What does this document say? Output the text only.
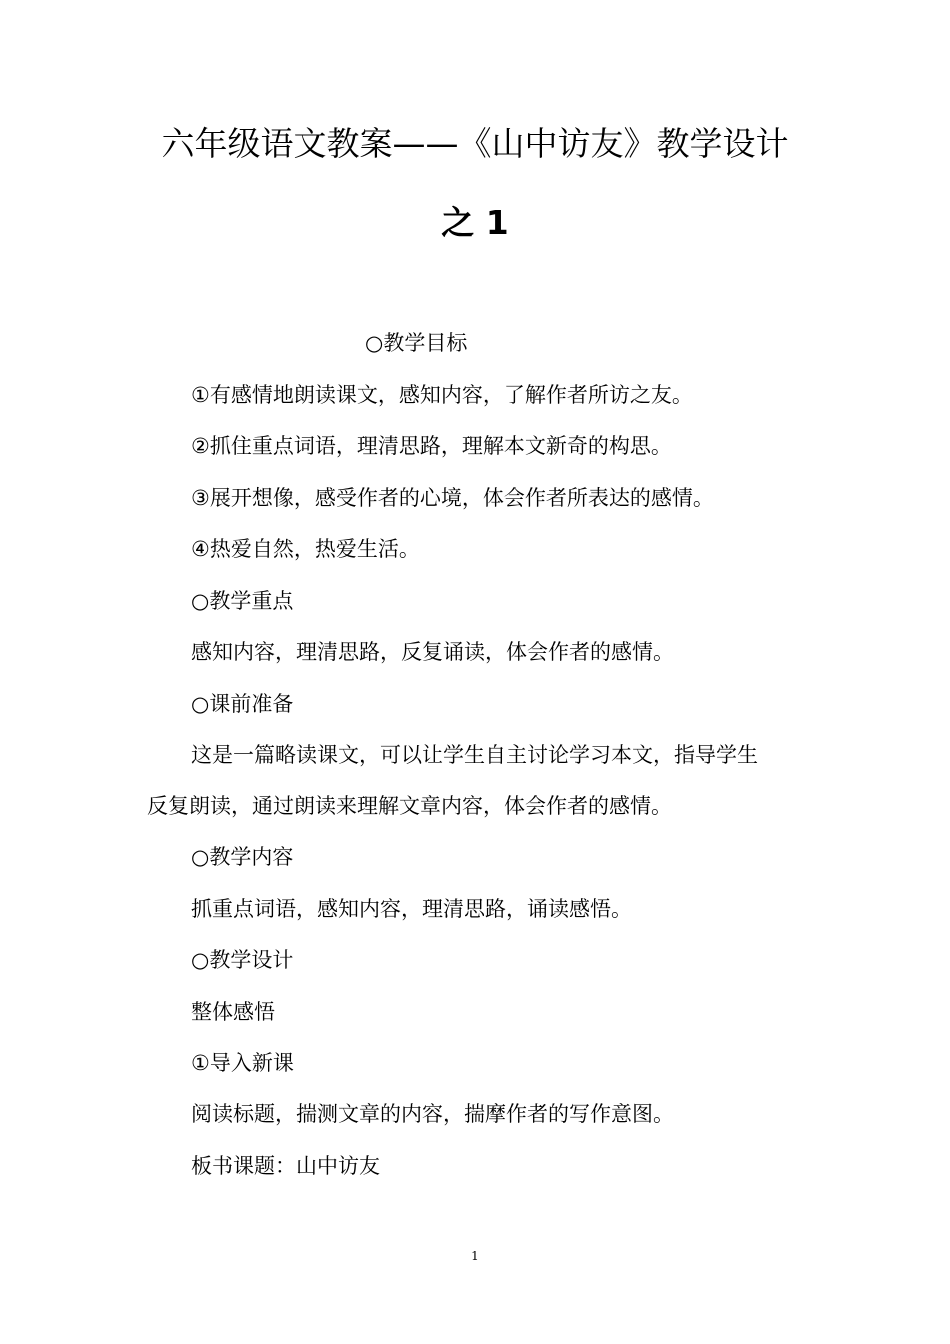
六年级语文教案——《山中访友》教学设计
之 1
○教学目标
①有感情地朗读课文，感知内容，了解作者所访之友。
②抓住重点词语，理清思路，理解本文新奇的构思。
③展开想像，感受作者的心境，体会作者所表达的感情。
④热爱自然，热爱生活。
○教学重点
感知内容，理清思路，反复诵读，体会作者的感情。
○课前准备
这是一篇略读课文，可以让学生自主讨论学习本文，指导学生
反复朗读，通过朗读来理解文章内容，体会作者的感情。
○教学内容
抓重点词语，感知内容，理清思路，诵读感悟。
○教学设计
整体感悟
①导入新课
阅读标题，揣测文章的内容，揣摩作者的写作意图。
板书课题：山中访友
1
